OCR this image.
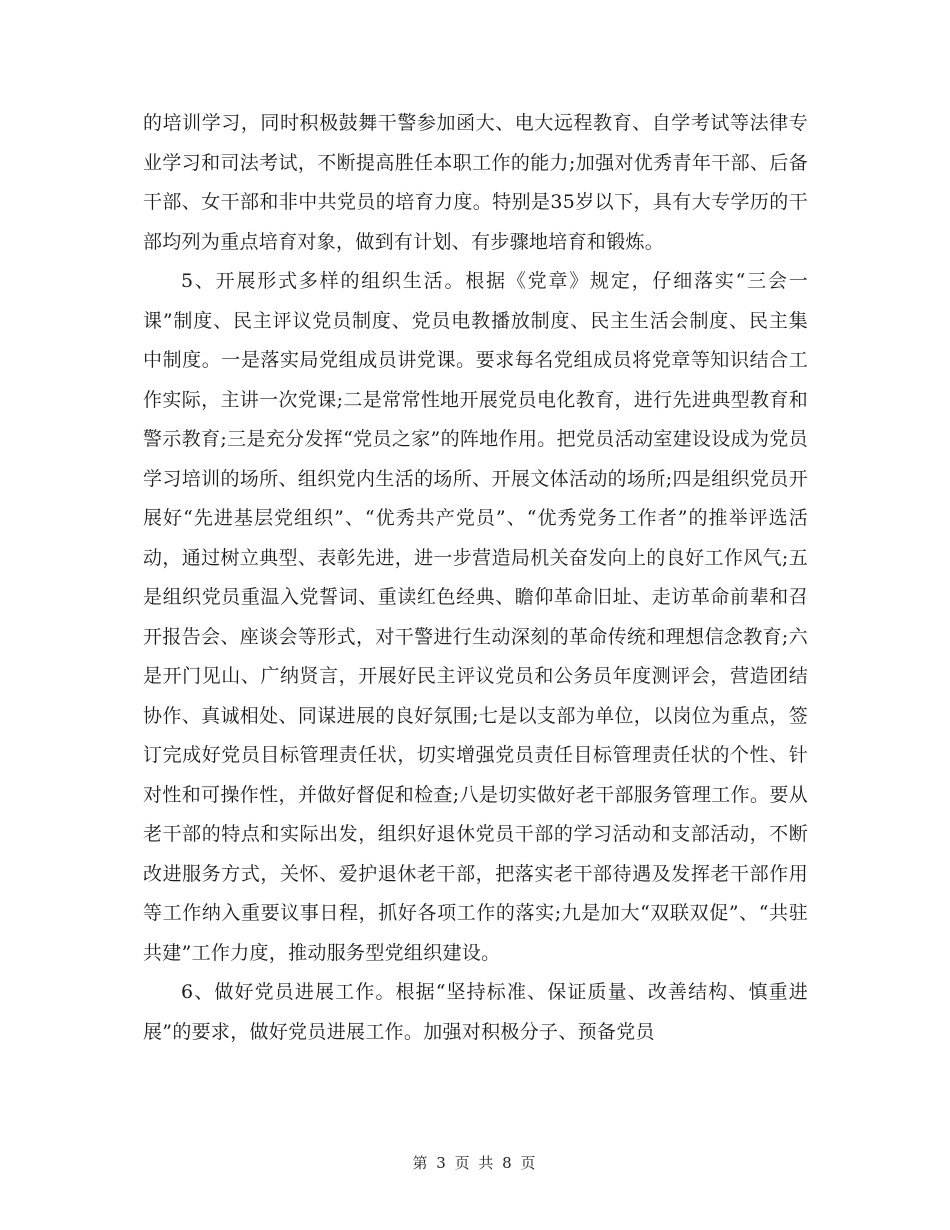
的培训学习，同时积极鼓舞干警参加函大、电大远程教育、自学考试等法律专业学习和司法考试，不断提高胜任本职工作的能力;加强对优秀青年干部、后备干部、女干部和非中共党员的培育力度。特别是35岁以下，具有大专学历的干部均列为重点培育对象，做到有计划、有步骤地培育和锻炼。

5、开展形式多样的组织生活。根据《党章》规定，仔细落实“三会一课”制度、民主评议党员制度、党员电教播放制度、民主生活会制度、民主集中制度。一是落实局党组成员讲党课。要求每名党组成员将党章等知识结合工作实际，主讲一次党课;二是常常性地开展党员电化教育，进行先进典型教育和警示教育;三是充分发挥“党员之家”的阵地作用。把党员活动室建设设成为党员学习培训的场所、组织党内生活的场所、开展文体活动的场所;四是组织党员开展好“先进基层党组织”、“优秀共产党员”、“优秀党务工作者”的推举评选活动，通过树立典型、表彰先进，进一步营造局机关奋发向上的良好工作风气;五是组织党员重温入党誓词、重读红色经典、瞻仰革命旧址、走访革命前辈和召开报告会、座谈会等形式，对干警进行生动深刻的革命传统和理想信念教育;六是开门见山、广纳贤言，开展好民主评议党员和公务员年度测评会，营造团结协作、真诚相处、同谋进展的良好氛围;七是以支部为单位，以岗位为重点，签订完成好党员目标管理责任状，切实增强党员责任目标管理责任状的个性、针对性和可操作性，并做好督促和检查;八是切实做好老干部服务管理工作。要从老干部的特点和实际出发，组织好退休党员干部的学习活动和支部活动，不断改进服务方式，关怀、爱护退休老干部，把落实老干部待遇及发挥老干部作用等工作纳入重要议事日程，抓好各项工作的落实;九是加大“双联双促”、“共驻共建”工作力度，推动服务型党组织建设。

6、做好党员进展工作。根据“坚持标准、保证质量、改善结构、慎重进展”的要求，做好党员进展工作。加强对积极分子、预备党员

第 3 页 共 8 页
